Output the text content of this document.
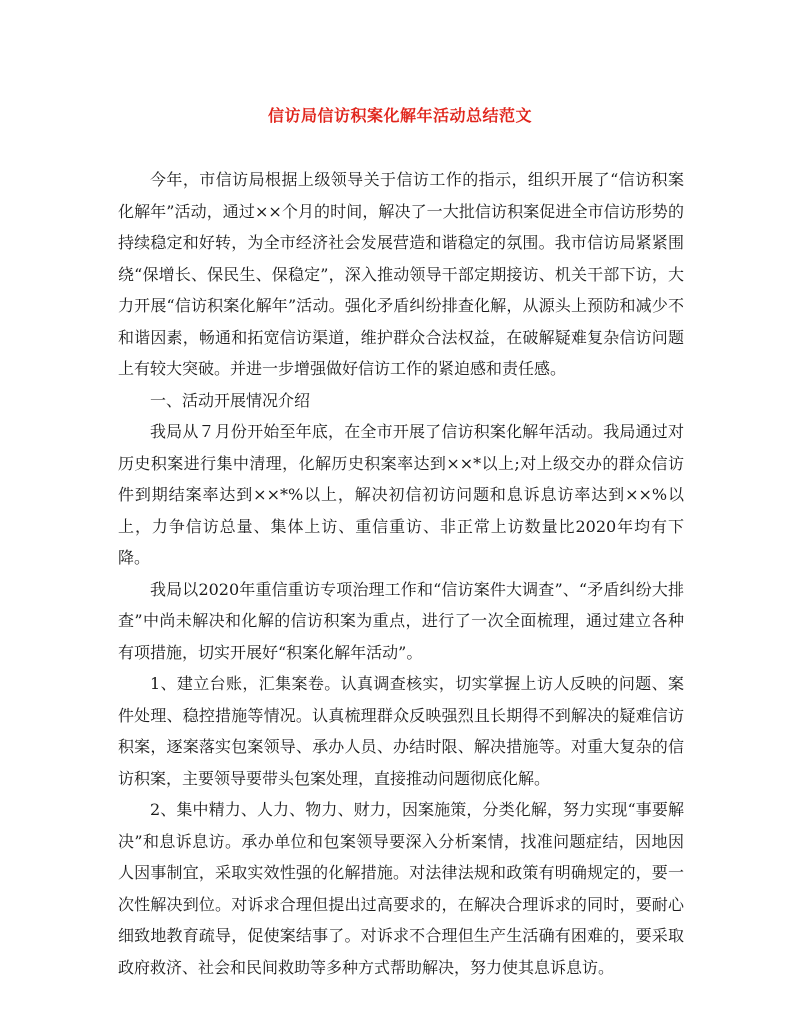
信访局信访积案化解年活动总结范文

今年，市信访局根据上级领导关于信访工作的指示，组织开展了“信访积案化解年”活动，通过××个月的时间，解决了一大批信访积案促进全市信访形势的持续稳定和好转，为全市经济社会发展营造和谐稳定的氛围。我市信访局紧紧围绕“保增长、保民生、保稳定”，深入推动领导干部定期接访、机关干部下访，大力开展“信访积案化解年”活动。强化矛盾纠纷排查化解，从源头上预防和减少不和谐因素，畅通和拓宽信访渠道，维护群众合法权益，在破解疑难复杂信访问题上有较大突破。并进一步增强做好信访工作的紧迫感和责任感。

一、活动开展情况介绍

我局从７月份开始至年底，在全市开展了信访积案化解年活动。我局通过对历史积案进行集中清理，化解历史积案率达到××*以上;对上级交办的群众信访件到期结案率达到××*%以上，解决初信初访问题和息诉息访率达到××%以上，力争信访总量、集体上访、重信重访、非正常上访数量比2020年均有下降。

我局以2020年重信重访专项治理工作和“信访案件大调查”、“矛盾纠纷大排查”中尚未解决和化解的信访积案为重点，进行了一次全面梳理，通过建立各种有项措施，切实开展好“积案化解年活动”。

1、建立台账，汇集案卷。认真调查核实，切实掌握上访人反映的问题、案件处理、稳控措施等情况。认真梳理群众反映强烈且长期得不到解决的疑难信访积案，逐案落实包案领导、承办人员、办结时限、解决措施等。对重大复杂的信访积案，主要领导要带头包案处理，直接推动问题彻底化解。

2、集中精力、人力、物力、财力，因案施策，分类化解，努力实现“事要解决”和息诉息访。承办单位和包案领导要深入分析案情，找准问题症结，因地因人因事制宜，采取实效性强的化解措施。对法律法规和政策有明确规定的，要一次性解决到位。对诉求合理但提出过高要求的，在解决合理诉求的同时，要耐心细致地教育疏导，促使案结事了。对诉求不合理但生产生活确有困难的，要采取政府救济、社会和民间救助等多种方式帮助解决，努力使其息诉息访。
